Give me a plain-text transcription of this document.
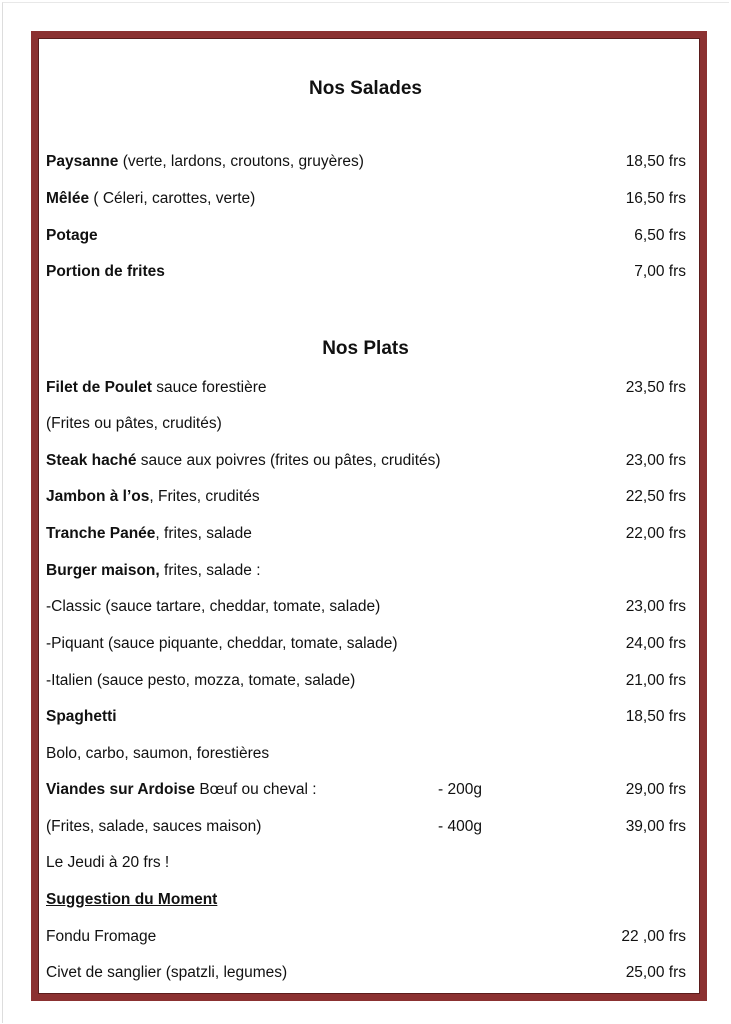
Nos Salades
Nos Plats
Paysanne (verte, lardons, croutons, gruyères)	18,50 frs
Mêlée ( Céleri, carottes, verte)	16,50 frs
Potage	6,50 frs
Portion de frites	7,00 frs
Filet de Poulet sauce forestière	23,50 frs
(Frites ou pâtes, crudités)
Steak haché sauce aux poivres (frites ou pâtes, crudités)	23,00 frs
Jambon à l’os, Frites, crudités	22,50 frs
Tranche Panée, frites, salade	22,00 frs
Burger maison, frites, salade :
-Classic (sauce tartare, cheddar, tomate, salade)	23,00 frs
-Piquant (sauce piquante, cheddar, tomate, salade)	24,00 frs
-Italien (sauce pesto, mozza, tomate, salade)	21,00 frs
Spaghetti	18,50 frs
Bolo, carbo, saumon, forestières
Viandes sur Ardoise Bœuf ou cheval :	- 200g	29,00 frs
(Frites, salade, sauces maison)	- 400g	39,00 frs
Le Jeudi à 20 frs !
Suggestion du Moment
Fondu Fromage	22 ,00 frs
Civet de sanglier (spatzli, legumes)	25,00 frs
